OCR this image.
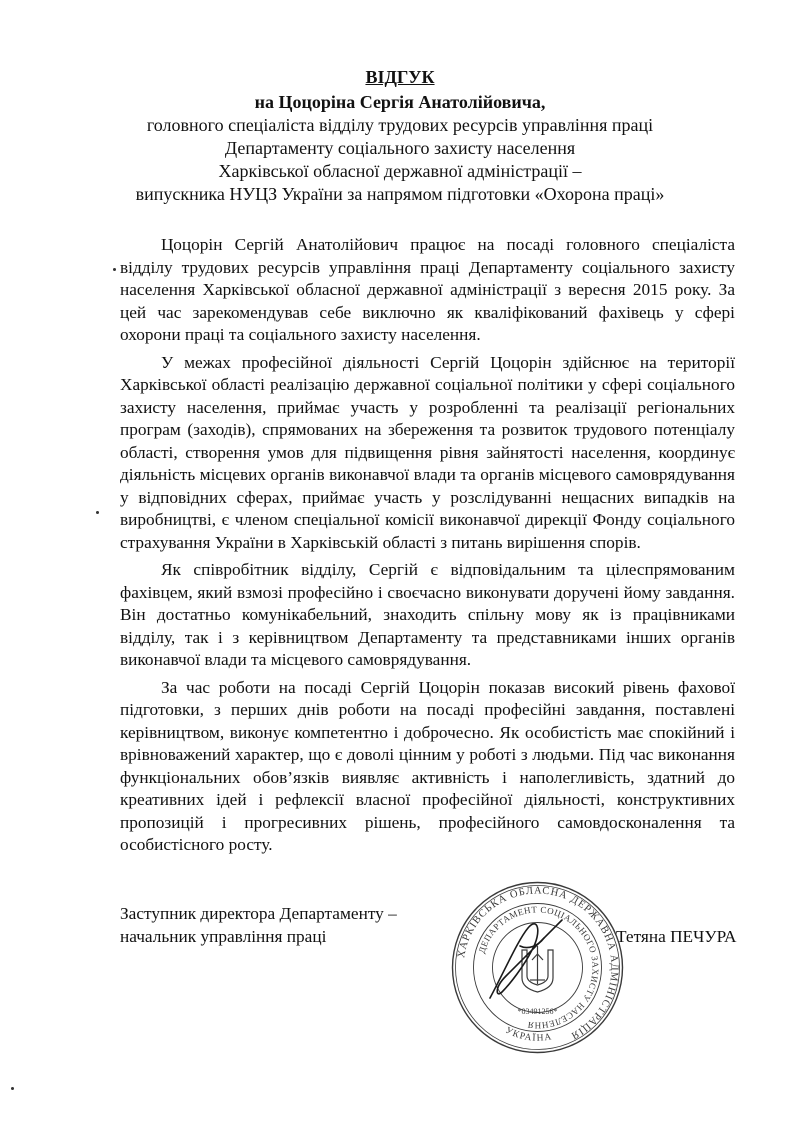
ВІДГУК
на Цоцоріна Сергія Анатолійовича,
головного спеціаліста відділу трудових ресурсів управління праці
Департаменту соціального захисту населення
Харківської обласної державної адміністрації –
випускника НУЦЗ України за напрямом підготовки «Охорона праці»

Цоцорін Сергій Анатолійович працює на посаді головного спеціаліста відділу трудових ресурсів управління праці Департаменту соціального захисту населення Харківської обласної державної адміністрації з вересня 2015 року. За цей час зарекомендував себе виключно як кваліфікований фахівець у сфері охорони праці та соціального захисту населення.

У межах професійної діяльності Сергій Цоцорін здійснює на території Харківської області реалізацію державної соціальної політики у сфері соціального захисту населення, приймає участь у розробленні та реалізації регіональних програм (заходів), спрямованих на збереження та розвиток трудового потенціалу області, створення умов для підвищення рівня зайнятості населення, координує діяльність місцевих органів виконавчої влади та органів місцевого самоврядування у відповідних сферах, приймає участь у розслідуванні нещасних випадків на виробництві, є членом спеціальної комісії виконавчої дирекції Фонду соціального страхування України в Харківській області з питань вирішення спорів.

Як співробітник відділу, Сергій є відповідальним та цілеспрямованим фахівцем, який взмозі професійно і своєчасно виконувати доручені йому завдання. Він достатньо комунікабельний, знаходить спільну мову як із працівниками відділу, так і з керівництвом Департаменту та представниками інших органів виконавчої влади та місцевого самоврядування.

За час роботи на посаді Сергій Цоцорін показав високий рівень фахової підготовки, з перших днів роботи на посаді професійні завдання, поставлені керівництвом, виконує компетентно і доброчесно. Як особистість має спокійний і врівноважений характер, що є доволі цінним у роботі з людьми. Під час виконання функціональних обов’язків виявляє активність і наполегливість, здатний до креативних ідей і рефлексії власної професійної діяльності, конструктивних пропозицій і прогресивних рішень, професійного самовдосконалення та особистісного росту.

Заступник директора Департаменту –
начальник управління праці
ХАРКІВСЬКА ОБЛАСНА ДЕРЖАВНА АДМІНІСТРАЦІЯ
ДЕПАРТАМЕНТ СОЦІАЛЬНОГО ЗАХИСТУ НАСЕЛЕННЯ
УКРАЇНА
*03491256*
Тетяна ПЕЧУРА
